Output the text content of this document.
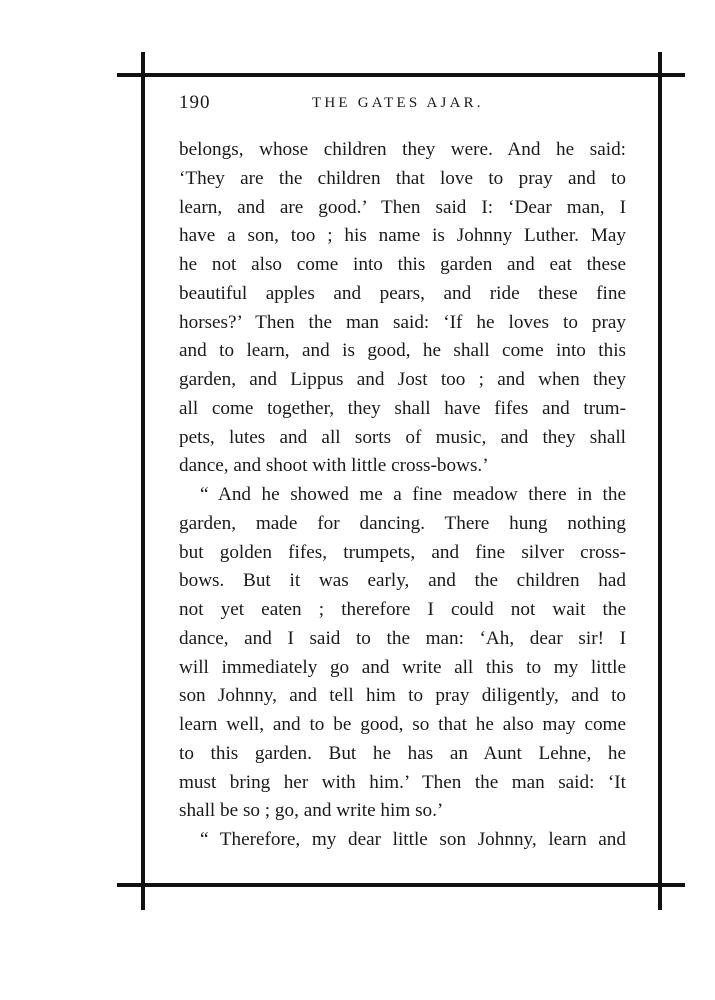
190	THE GATES AJAR.
belongs, whose children they were. And he said:
‘They are the children that love to pray and to
learn, and are good.’ Then said I: ‘Dear man, I
have a son, too ; his name is Johnny Luther. May
he not also come into this garden and eat these
beautiful apples and pears, and ride these fine
horses?’ Then the man said: ‘If he loves to pray
and to learn, and is good, he shall come into this
garden, and Lippus and Jost too ; and when they
all come together, they shall have fifes and trum-
pets, lutes and all sorts of music, and they shall
dance, and shoot with little cross-bows.’
“ And he showed me a fine meadow there in the
garden, made for dancing. There hung nothing
but golden fifes, trumpets, and fine silver cross-
bows. But it was early, and the children had
not yet eaten ; therefore I could not wait the
dance, and I said to the man: ‘Ah, dear sir! I
will immediately go and write all this to my little
son Johnny, and tell him to pray diligently, and to
learn well, and to be good, so that he also may come
to this garden. But he has an Aunt Lehne, he
must bring her with him.’ Then the man said: ‘It
shall be so ; go, and write him so.’
“ Therefore, my dear little son Johnny, learn and
